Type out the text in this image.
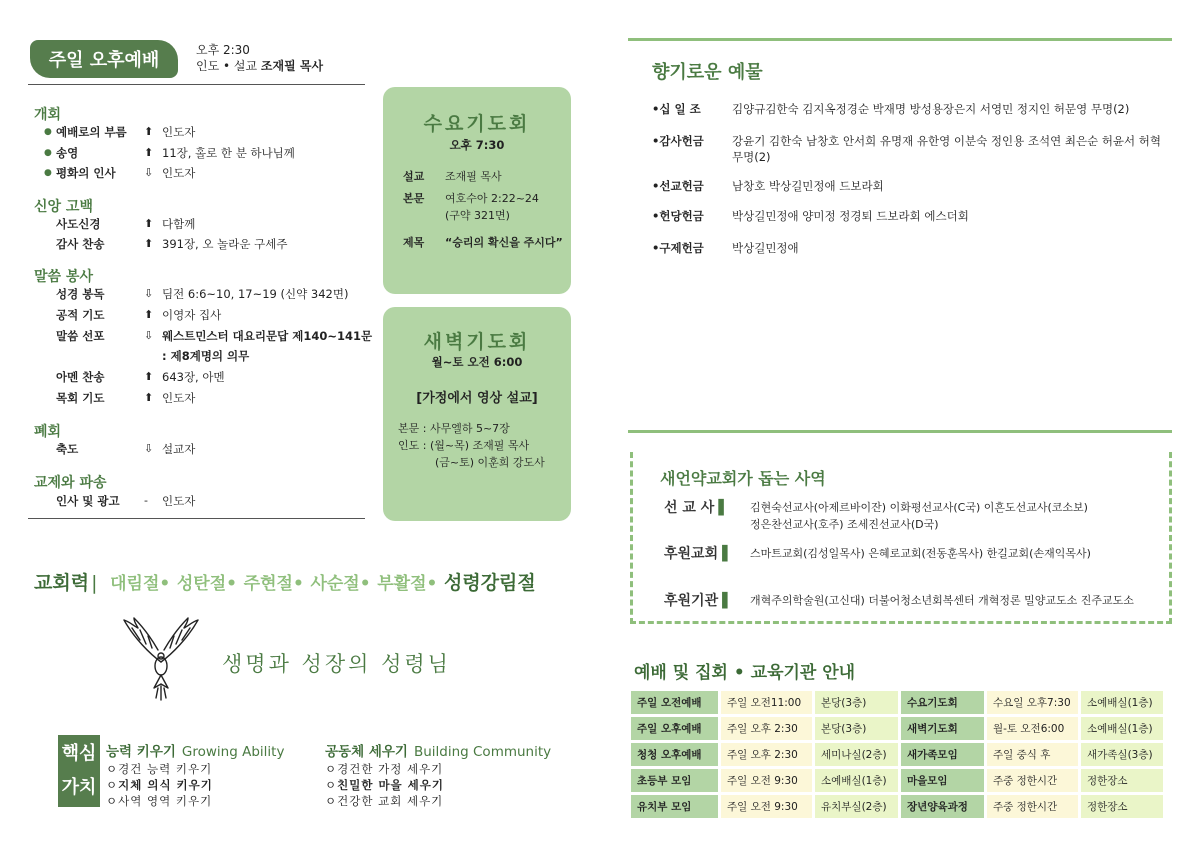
주일 오후예배	오후 2:30
인도 • 설교 조재필 목사
개회
● 예배로의 부름	⬆ 인도자
● 송영	⬆ 11장, 홀로 한 분 하나님께
● 평화의 인사	⇩ 인도자
신앙 고백
사도신경	⬆ 다함께
감사 찬송	⬆ 391장, 오 놀라운 구세주
말씀 봉사
성경 봉독	⇩ 딤전 6:6~10, 17~19 (신약 342면)
공적 기도	⬆ 이영자 집사
말씀 선포	⇩ 웨스트민스터 대요리문답 제140~141문
: 제8계명의 의무
아멘 찬송	⬆ 643장, 아멘
목회 기도	⬆ 인도자
폐회
축도	⇩ 설교자
교제와 파송
인사 및 광고	-	인도자
수요기도회
오후 7:30
설교 조재필 목사
본문 여호수아 2:22~24
(구약 321면)
제목 “승리의 확신을 주시다”
새벽기도회
월~토 오전 6:00
[가정에서 영상 설교]
본문 : 사무엘하 5~7장
인도 : (월~목) 조재필 목사
(금~토) 이훈희 강도사
교회력 | 대림절• 성탄절• 주현절• 사순절• 부활절• 성령강림절
생명과 성장의 성령님
핵심
가치
능력 키우기 Growing Ability
ㅇ경건 능력 키우기
ㅇ지체 의식 키우기
ㅇ사역 영역 키우기
공동체 세우기 Building Community
ㅇ경건한 가정 세우기
ㅇ친밀한 마을 세우기
ㅇ건강한 교회 세우기
향기로운 예물
•십 일 조	김양규김한숙 김지옥정경순 박재명 방성용장은지 서영민 정지인 허문영 무명(2)
•감사헌금	강윤기 김한숙 남창호 안서희 유명재 유한영 이분숙 정인용 조석연 최은순 허윤서 허혁 무명(2)
•선교헌금	남창호 박상길민정애 드보라회
•헌당헌금	박상길민정애 양미정 정경퇴 드보라회 에스더회
•구제헌금	박상길민정애
새언약교회가 돕는 사역
선 교 사 ▌ 김현숙선교사(아제르바이잔) 이화평선교사(C국) 이흔도선교사(코소보)
정은찬선교사(호주) 조세진선교사(D국)
후원교회 ▌ 스마트교회(김성일목사) 은혜로교회(전동훈목사) 한길교회(손재익목사)
후원기관 ▌ 개혁주의학술원(고신대) 더불어청소년회복센터 개혁정론 밀양교도소 진주교도소
예배 및 집회 • 교육기관 안내
주일 오전예배	주일 오전11:00	본당(3층)	수요기도회	수요일 오후7:30	소예배실(1층)
주일 오후예배	주일 오후 2:30	본당(3층)	새벽기도회	월-토 오전6:00	소예배실(1층)
청청 오후예배	주일 오후 2:30	세미나실(2층)	새가족모임	주일 중식 후	새가족실(3층)
초등부 모임	주일 오전 9:30	소예배실(1층)	마을모임	주중 정한시간	정한장소
유치부 모임	주일 오전 9:30	유치부실(2층)	장년양육과정	주중 정한시간	정한장소
